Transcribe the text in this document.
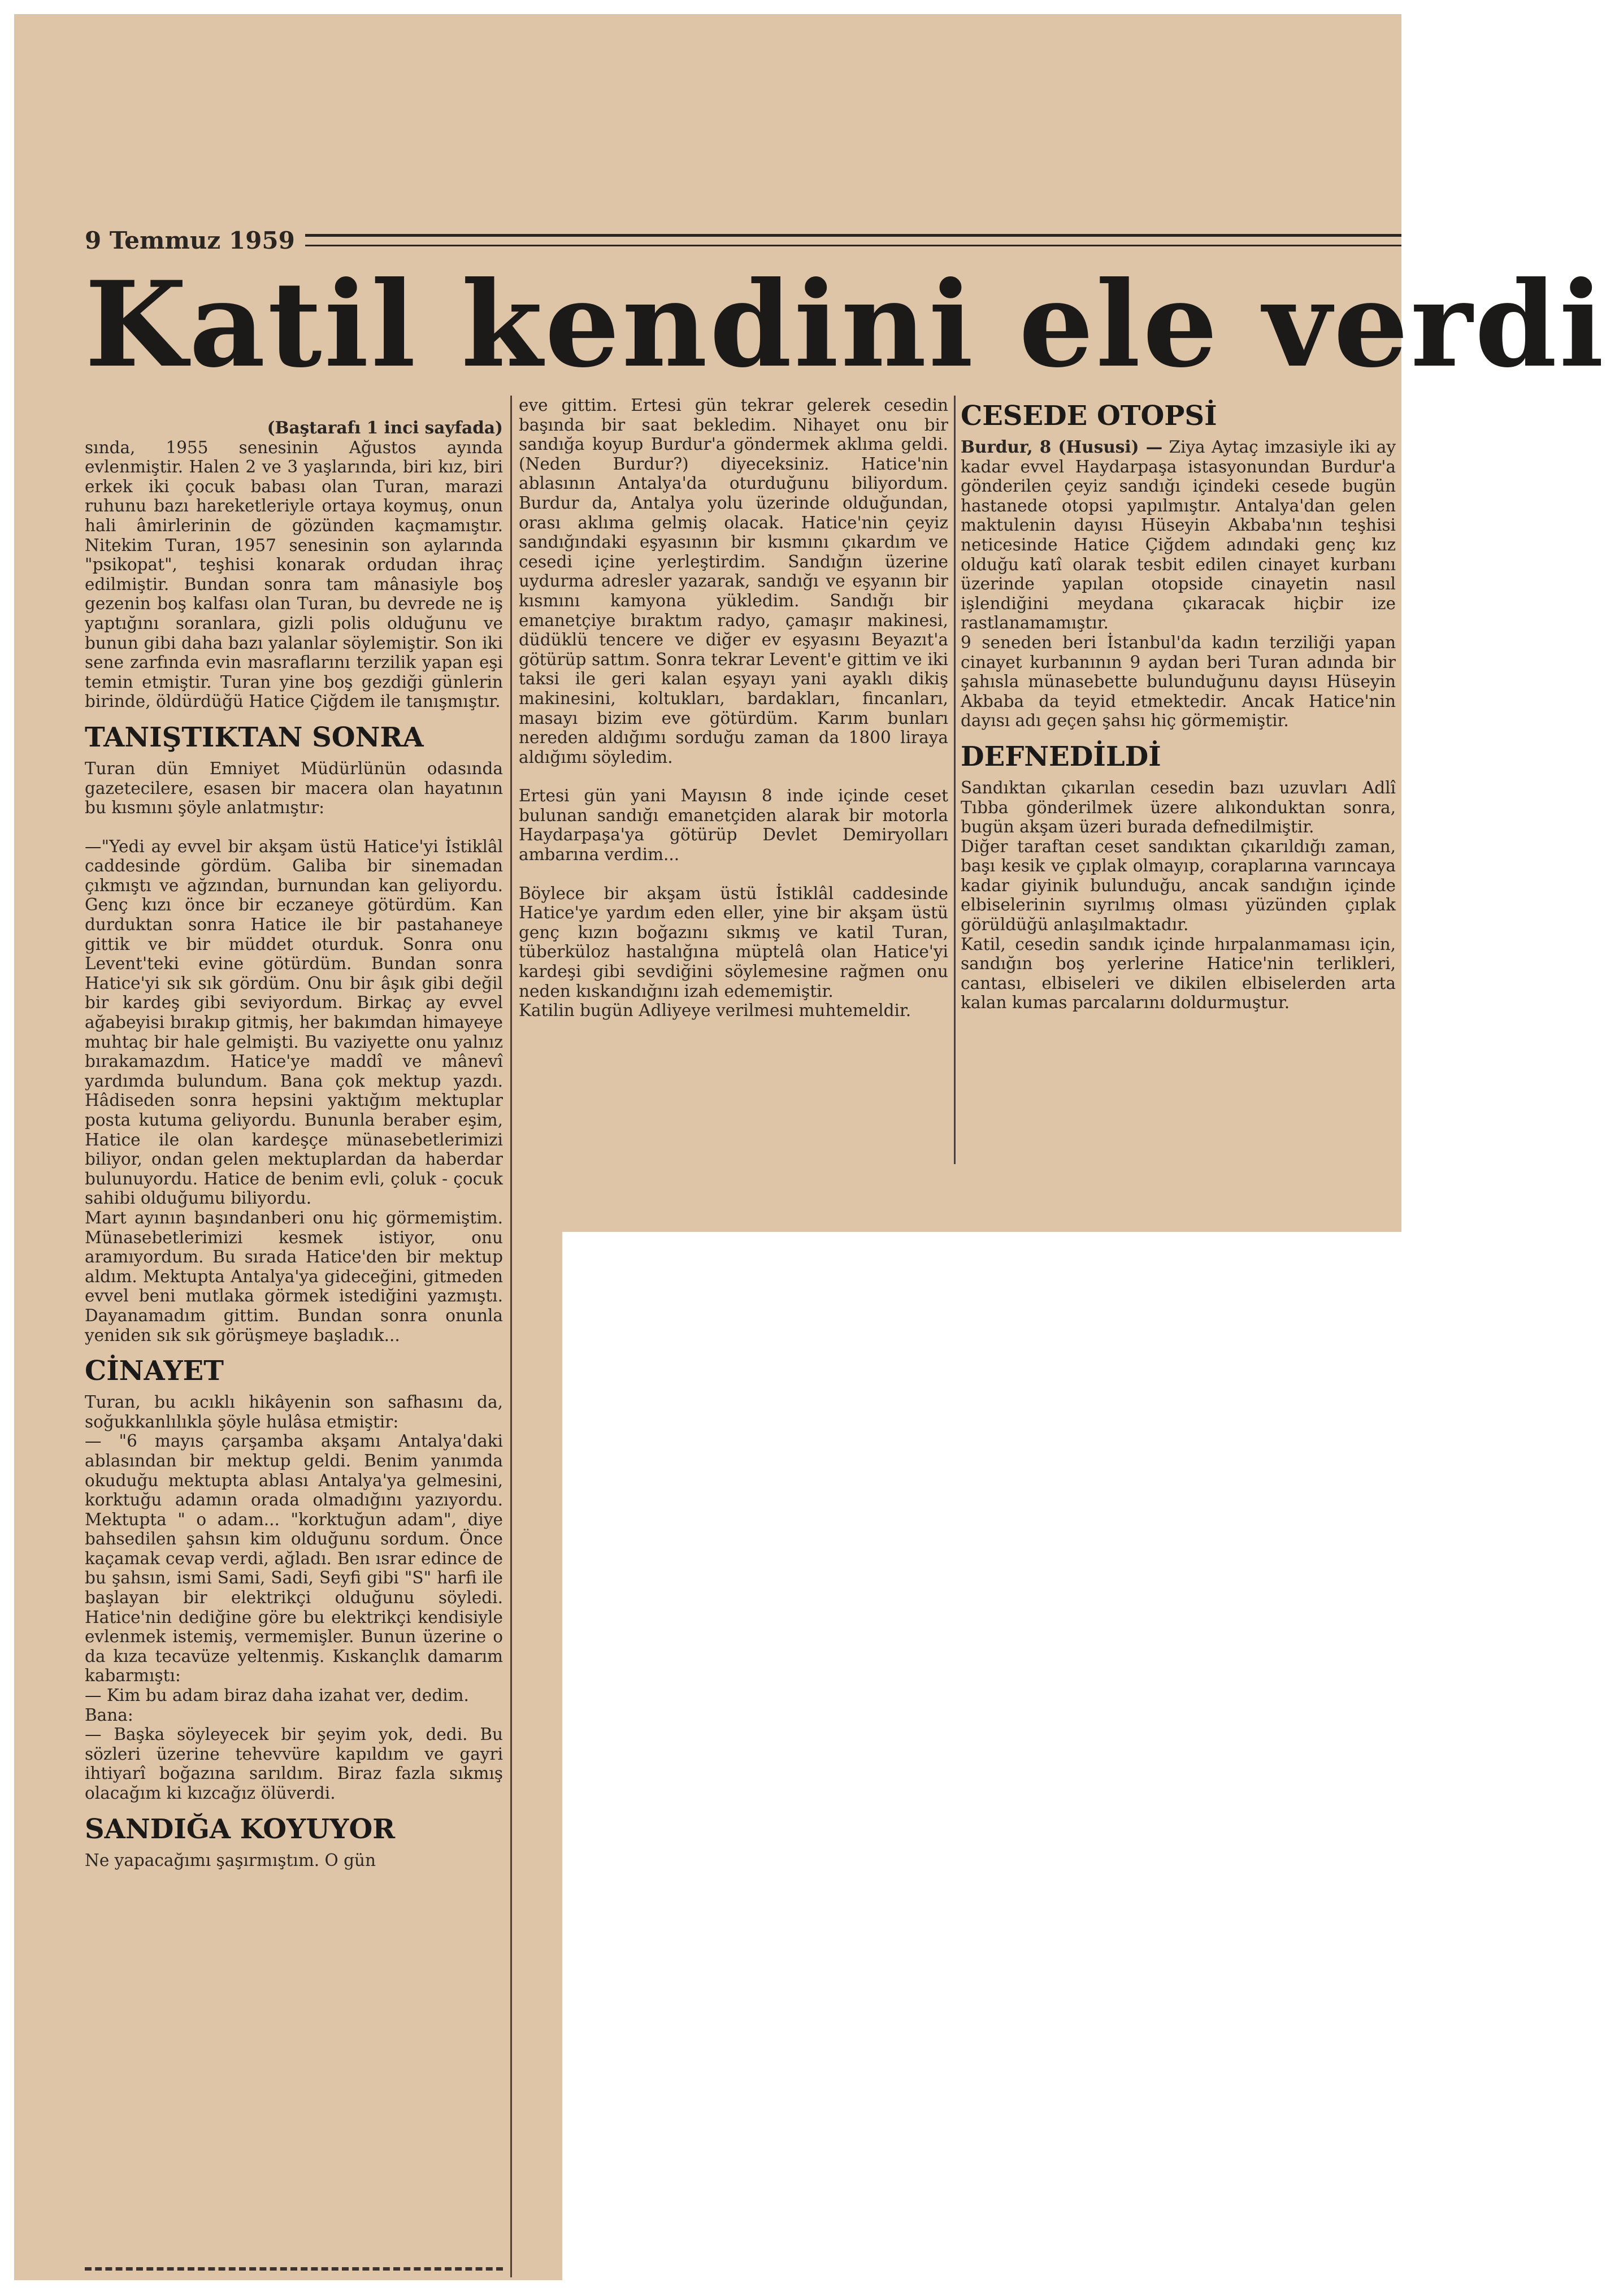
9 Temmuz 1959
Katil kendini ele verdi

(Baştarafı 1 inci sayfada)

sında, 1955 senesinin Ağustos ayında evlenmiştir. Halen 2 ve 3 yaşlarında, biri kız, biri erkek iki çocuk babası olan Turan, marazi ruhunu bazı hareketleriyle ortaya koymuş, onun hali âmirlerinin de gözünden kaçmamıştır. Nitekim Turan, 1957 senesinin son aylarında "psikopat", teşhisi konarak ordudan ihraç edilmiştir. Bundan sonra tam mânasiyle boş gezenin boş kalfası olan Turan, bu devrede ne iş yaptığını soranlara, gizli polis olduğunu ve bunun gibi daha bazı yalanlar söylemiştir. Son iki sene zarfında evin masraflarını terzilik yapan eşi temin etmiştir. Turan yine boş gezdiği günlerin birinde, öldürdüğü Hatice Çiğdem ile tanışmıştır.

TANIŞTIKTAN SONRA

Turan dün Emniyet Müdürlünün odasında gazetecilere, esasen bir macera olan hayatının bu kısmını şöyle anlatmıştır:

—"Yedi ay evvel bir akşam üstü Hatice'yi İstiklâl caddesinde gördüm. Galiba bir sinemadan çıkmıştı ve ağzından, burnundan kan geliyordu. Genç kızı önce bir eczaneye götürdüm. Kan durduktan sonra Hatice ile bir pastahaneye gittik ve bir müddet oturduk. Sonra onu Levent'teki evine götürdüm. Bundan sonra Hatice'yi sık sık gördüm. Onu bir âşık gibi değil bir kardeş gibi seviyordum. Birkaç ay evvel ağabeyisi bırakıp gitmiş, her bakımdan himayeye muhtaç bir hale gelmişti. Bu vaziyette onu yalnız bırakamazdım. Hatice'ye maddî ve mânevî yardımda bulundum. Bana çok mektup yazdı. Hâdiseden sonra hepsini yaktığım mektuplar posta kutuma geliyordu. Bununla beraber eşim, Hatice ile olan kardeşçe münasebetlerimizi biliyor, ondan gelen mektuplardan da haberdar bulunuyordu. Hatice de benim evli, çoluk - çocuk sahibi olduğumu biliyordu.

Mart ayının başındanberi onu hiç görmemiştim. Münasebetlerimizi kesmek istiyor, onu aramıyordum. Bu sırada Hatice'den bir mektup aldım. Mektupta Antalya'ya gideceğini, gitmeden evvel beni mutlaka görmek istediğini yazmıştı. Dayanamadım gittim. Bundan sonra onunla yeniden sık sık görüşmeye başladık...

CİNAYET

Turan, bu acıklı hikâyenin son safhasını da, soğukkanlılıkla şöyle hulâsa etmiştir:

— "6 mayıs çarşamba akşamı Antalya'daki ablasından bir mektup geldi. Benim yanımda okuduğu mektupta ablası Antalya'ya gelmesini, korktuğu adamın orada olmadığını yazıyordu. Mektupta " o adam... "korktuğun adam", diye bahsedilen şahsın kim olduğunu sordum. Önce kaçamak cevap verdi, ağladı. Ben ısrar edince de bu şahsın, ismi Sami, Sadi, Seyfi gibi "S" harfi ile başlayan bir elektrikçi olduğunu söyledi. Hatice'nin dediğine göre bu elektrikçi kendisiyle evlenmek istemiş, vermemişler. Bunun üzerine o da kıza tecavüze yeltenmiş. Kıskançlık damarım kabarmıştı:

— Kim bu adam biraz daha izahat ver, dedim.

Bana:

— Başka söyleyecek bir şeyim yok, dedi. Bu sözleri üzerine tehevvüre kapıldım ve gayri ihtiyarî boğazına sarıldım. Biraz fazla sıkmış olacağım ki kızcağız ölüverdi.

SANDIĞA KOYUYOR

Ne yapacağımı şaşırmıştım. O gün

eve gittim. Ertesi gün tekrar gelerek cesedin başında bir saat bekledim. Nihayet onu bir sandığa koyup Burdur'a göndermek aklıma geldi. (Neden Burdur?) diyeceksiniz. Hatice'nin ablasının Antalya'da oturduğunu biliyordum. Burdur da, Antalya yolu üzerinde olduğundan, orası aklıma gelmiş olacak. Hatice'nin çeyiz sandığındaki eşyasının bir kısmını çıkardım ve cesedi içine yerleştirdim. Sandığın üzerine uydurma adresler yazarak, sandığı ve eşyanın bir kısmını kamyona yükledim. Sandığı bir emanetçiye bıraktım radyo, çamaşır makinesi, düdüklü tencere ve diğer ev eşyasını Beyazıt'a götürüp sattım. Sonra tekrar Levent'e gittim ve iki taksi ile geri kalan eşyayı yani ayaklı dikiş makinesini, koltukları, bardakları, fincanları, masayı bizim eve götürdüm. Karım bunları nereden aldığımı sorduğu zaman da 1800 liraya aldığımı söyledim.

Ertesi gün yani Mayısın 8 inde içinde ceset bulunan sandığı emanetçiden alarak bir motorla Haydarpaşa'ya götürüp Devlet Demiryolları ambarına verdim...

Böylece bir akşam üstü İstiklâl caddesinde Hatice'ye yardım eden eller, yine bir akşam üstü genç kızın boğazını sıkmış ve katil Turan, tüberküloz hastalığına müptelâ olan Hatice'yi kardeşi gibi sevdiğini söylemesine rağmen onu neden kıskandığını izah edememiştir.

Katilin bugün Adliyeye verilmesi muhtemeldir.

CESEDE OTOPSİ

Burdur, 8 (Hususi) — Ziya Aytaç imzasiyle iki ay kadar evvel Haydarpaşa istasyonundan Burdur'a gönderilen çeyiz sandığı içindeki cesede bugün hastanede otopsi yapılmıştır. Antalya'dan gelen maktulenin dayısı Hüseyin Akbaba'nın teşhisi neticesinde Hatice Çiğdem adındaki genç kız olduğu katî olarak tesbit edilen cinayet kurbanı üzerinde yapılan otopside cinayetin nasıl işlendiğini meydana çıkaracak hiçbir ize rastlanamamıştır.

9 seneden beri İstanbul'da kadın terziliği yapan cinayet kurbanının 9 aydan beri Turan adında bir şahısla münasebette bulunduğunu dayısı Hüseyin Akbaba da teyid etmektedir. Ancak Hatice'nin dayısı adı geçen şahsı hiç görmemiştir.

DEFNEDİLDİ

Sandıktan çıkarılan cesedin bazı uzuvları Adlî Tıbba gönderilmek üzere alıkonduktan sonra, bugün akşam üzeri burada defnedilmiştir.

Diğer taraftan ceset sandıktan çıkarıldığı zaman, başı kesik ve çıplak olmayıp, coraplarına varıncaya kadar giyinik bulunduğu, ancak sandığın içinde elbiselerinin sıyrılmış olması yüzünden çıplak görüldüğü anlaşılmaktadır.

Katil, cesedin sandık içinde hırpalanmaması için, sandığın boş yerlerine Hatice'nin terlikleri, cantası, elbiseleri ve dikilen elbiselerden arta kalan kumas parcalarını doldurmuştur.
